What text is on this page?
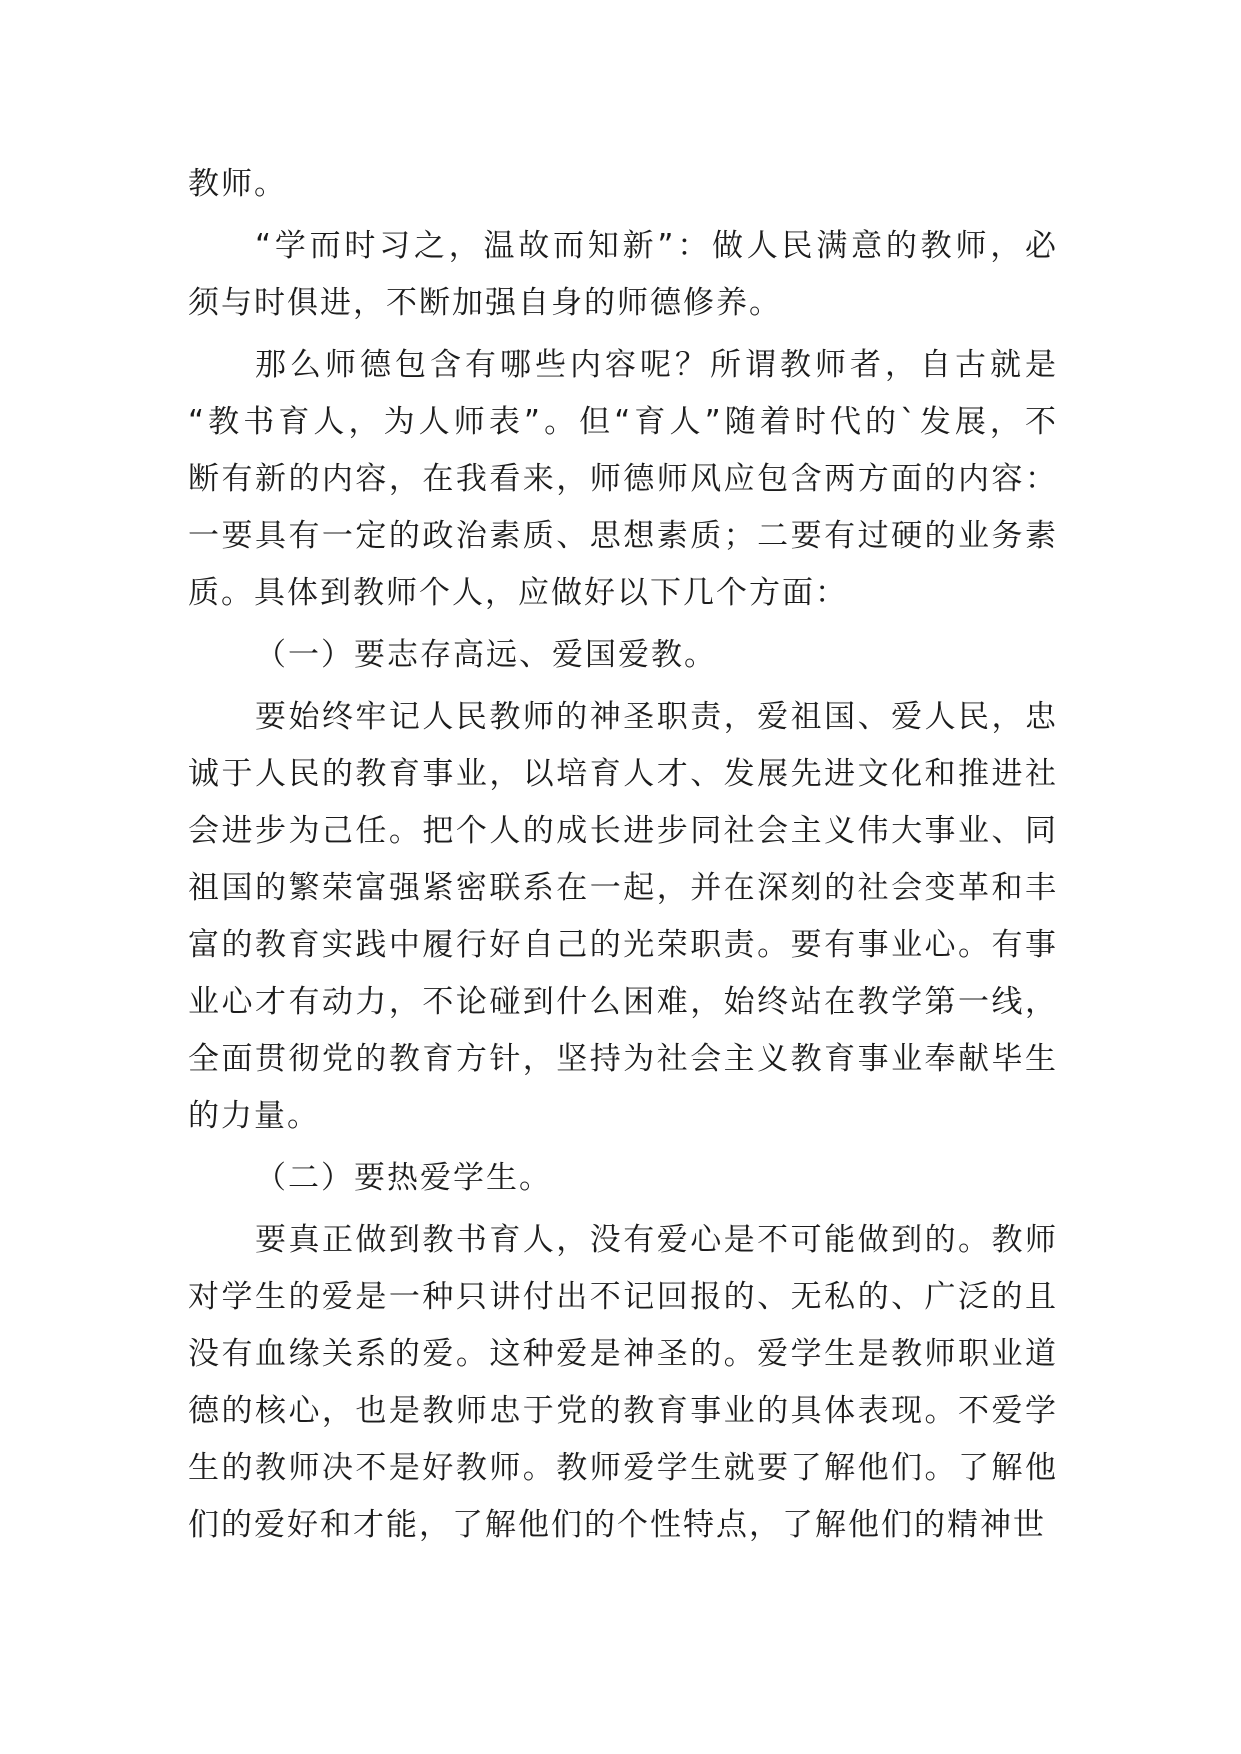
教师。
“学而时习之，温故而知新”：做人民满意的教师，必
须与时俱进，不断加强自身的师德修养。
那么师德包含有哪些内容呢？所谓教师者，自古就是
“教书育人，为人师表”。但“育人”随着时代的`发展，不
断有新的内容，在我看来，师德师风应包含两方面的内容：
一要具有一定的政治素质、思想素质；二要有过硬的业务素
质。具体到教师个人，应做好以下几个方面：
（一）要志存高远、爱国爱教。
要始终牢记人民教师的神圣职责，爱祖国、爱人民，忠
诚于人民的教育事业，以培育人才、发展先进文化和推进社
会进步为己任。把个人的成长进步同社会主义伟大事业、同
祖国的繁荣富强紧密联系在一起，并在深刻的社会变革和丰
富的教育实践中履行好自己的光荣职责。要有事业心。有事
业心才有动力，不论碰到什么困难，始终站在教学第一线，
全面贯彻党的教育方针，坚持为社会主义教育事业奉献毕生
的力量。
（二）要热爱学生。
要真正做到教书育人，没有爱心是不可能做到的。教师
对学生的爱是一种只讲付出不记回报的、无私的、广泛的且
没有血缘关系的爱。这种爱是神圣的。爱学生是教师职业道
德的核心，也是教师忠于党的教育事业的具体表现。不爱学
生的教师决不是好教师。教师爱学生就要了解他们。了解他
们的爱好和才能，了解他们的个性特点，了解他们的精神世
